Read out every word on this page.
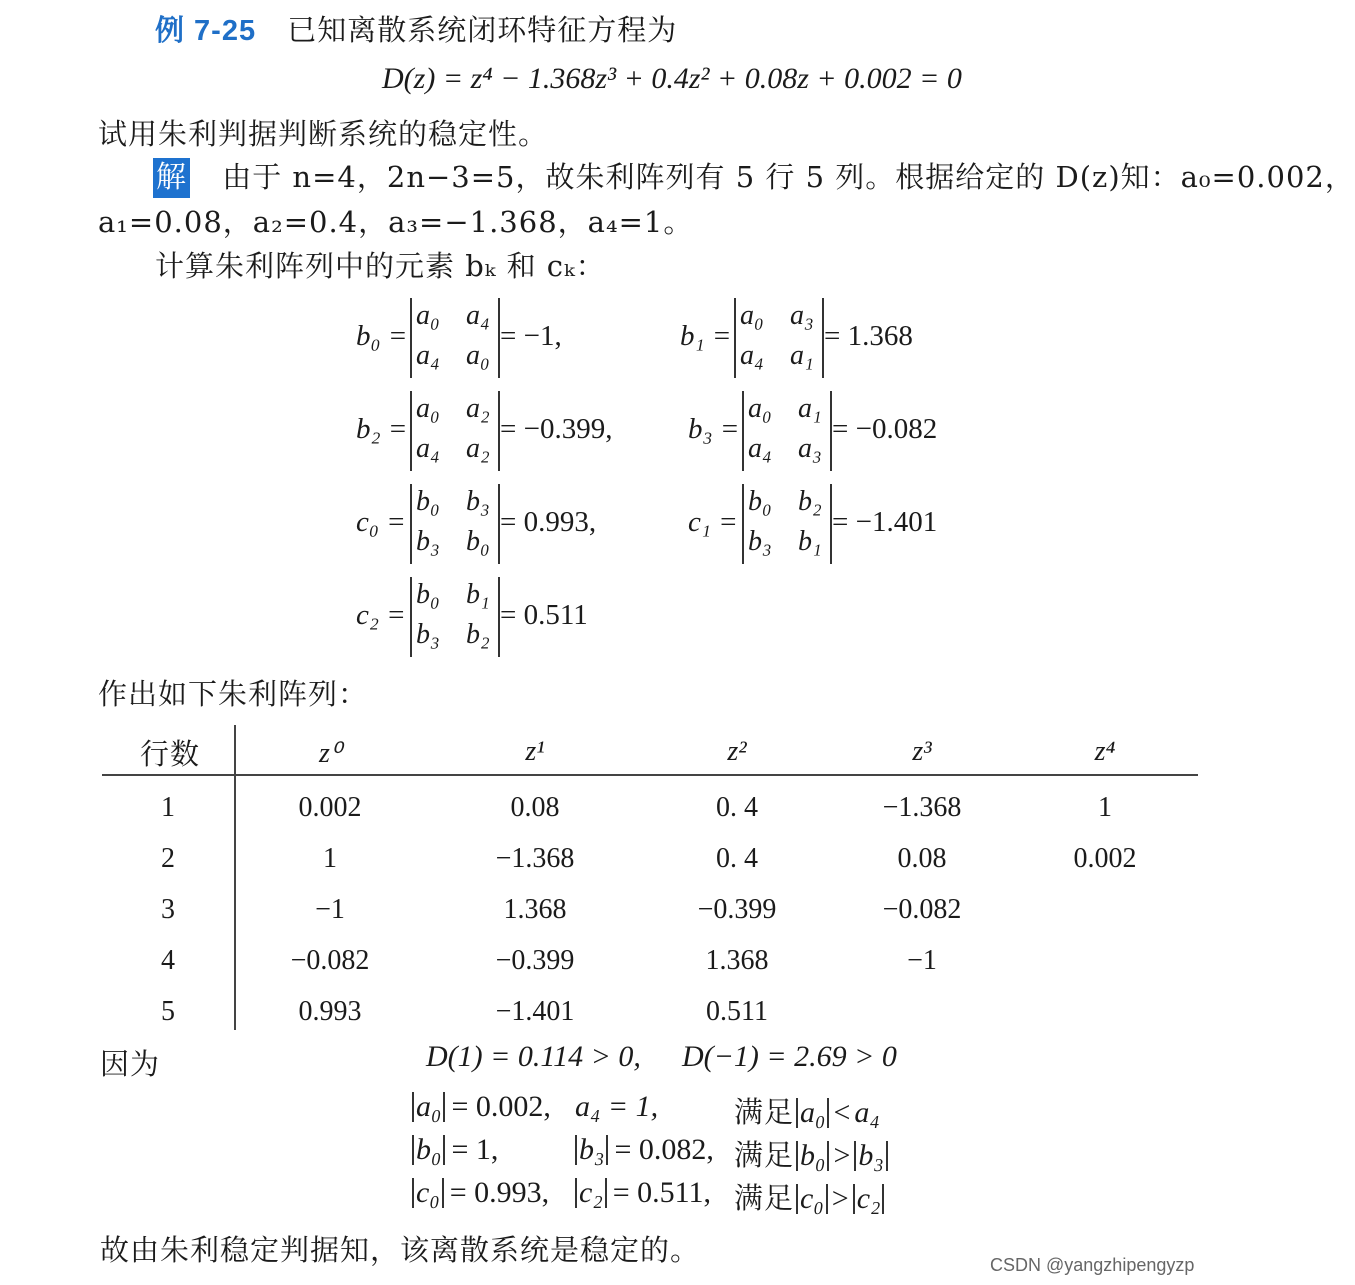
例 7-25 已知离散系统闭环特征方程为
D(z) = z⁴ − 1.368z³ + 0.4z² + 0.08z + 0.002 = 0
试用朱利判据判断系统的稳定性。
解 由于 n=4，2n−3=5，故朱利阵列有 5 行 5 列。根据给定的 D(z)知：a₀=0.002，
a₁=0.08，a₂=0.4，a₃=−1.368，a₄=1。
计算朱利阵列中的元素 bₖ 和 cₖ：
b₀ =
a₀ a₄
a₄ a₀
= −1,	b₁ =
a₀ a₃
a₄ a₁
= 1.368
b₂ =
a₀ a₂
a₄ a₂
= −0.399,	b₃ =
a₀ a₁
a₄ a₃
= −0.082
c₀ =
b₀ b₃
b₃ b₀
= 0.993,	c₁ =
b₀ b₂
b₃ b₁
= −1.401
c₂ =
b₀ b₁
b₃ b₂
= 0.511
作出如下朱利阵列：
行数	z⁰	z¹	z²	z³	z⁴
1	0.002	0.08	0. 4	−1.368	1
2	1	−1.368	0. 4	0.08	0.002
3	−1	1.368	−0.399	−0.082
4	−0.082	−0.399	1.368	−1
5	0.993	−1.401	0.511
因为	D(1) = 0.114 > 0, D(−1) = 2.69 > 0
a₀ = 0.002, a₄ = 1,	满足 a₀ < a₄
b₀ = 1,	b₃ = 0.082, 满足 b₀ > b₃
c₀ = 0.993, c₂ = 0.511, 满足 c₀ > c₂
故由朱利稳定判据知，该离散系统是稳定的。	CSDN @yangzhipengyzp
